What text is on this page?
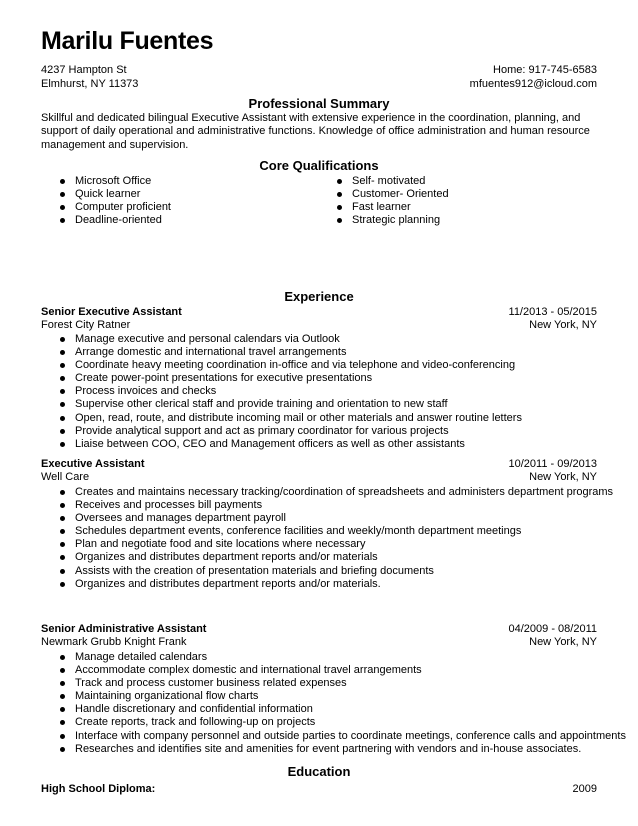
Marilu Fuentes
4237 Hampton St	Home: 917-745-6583
Elmhurst, NY 11373	mfuentes912@icloud.com
Professional Summary
Skillful and dedicated bilingual Executive Assistant with extensive experience in the coordination, planning, and support of daily operational and administrative functions. Knowledge of office administration and human resource management and supervision.
Core Qualifications
Microsoft Office
Quick learner
Computer proficient
Deadline-oriented
Self- motivated
Customer- Oriented
Fast learner
Strategic planning
Experience
Senior Executive Assistant	11/2013 - 05/2015
Forest City Ratner	New York, NY
Manage executive and personal calendars via Outlook
Arrange domestic and international travel arrangements
Coordinate heavy meeting coordination in-office and via telephone and video-conferencing
Create power-point presentations for executive presentations
Process invoices and checks
Supervise other clerical staff and provide training and orientation to new staff
Open, read, route, and distribute incoming mail or other materials and answer routine letters
Provide analytical support and act as primary coordinator for various projects
Liaise between COO, CEO and Management officers as well as other assistants
Executive Assistant	10/2011 - 09/2013
Well Care	New York, NY
Creates and maintains necessary tracking/coordination of spreadsheets and administers department programs
Receives and processes bill payments
Oversees and manages department payroll
Schedules department events, conference facilities and weekly/month department meetings
Plan and negotiate food and site locations where necessary
Organizes and distributes department reports and/or materials
Assists with the creation of presentation materials and briefing documents
Organizes and distributes department reports and/or materials.
Senior Administrative Assistant	04/2009 - 08/2011
Newmark Grubb Knight Frank	New York, NY
Manage detailed calendars
Accommodate complex domestic and international travel arrangements
Track and process customer business related expenses
Maintaining organizational flow charts
Handle discretionary and confidential information
Create reports, track and following-up on projects
Interface with company personnel and outside parties to coordinate meetings, conference calls and appointments
Researches and identifies site and amenities for event partnering with vendors and in-house associates.
Education
High School Diploma:	2009
